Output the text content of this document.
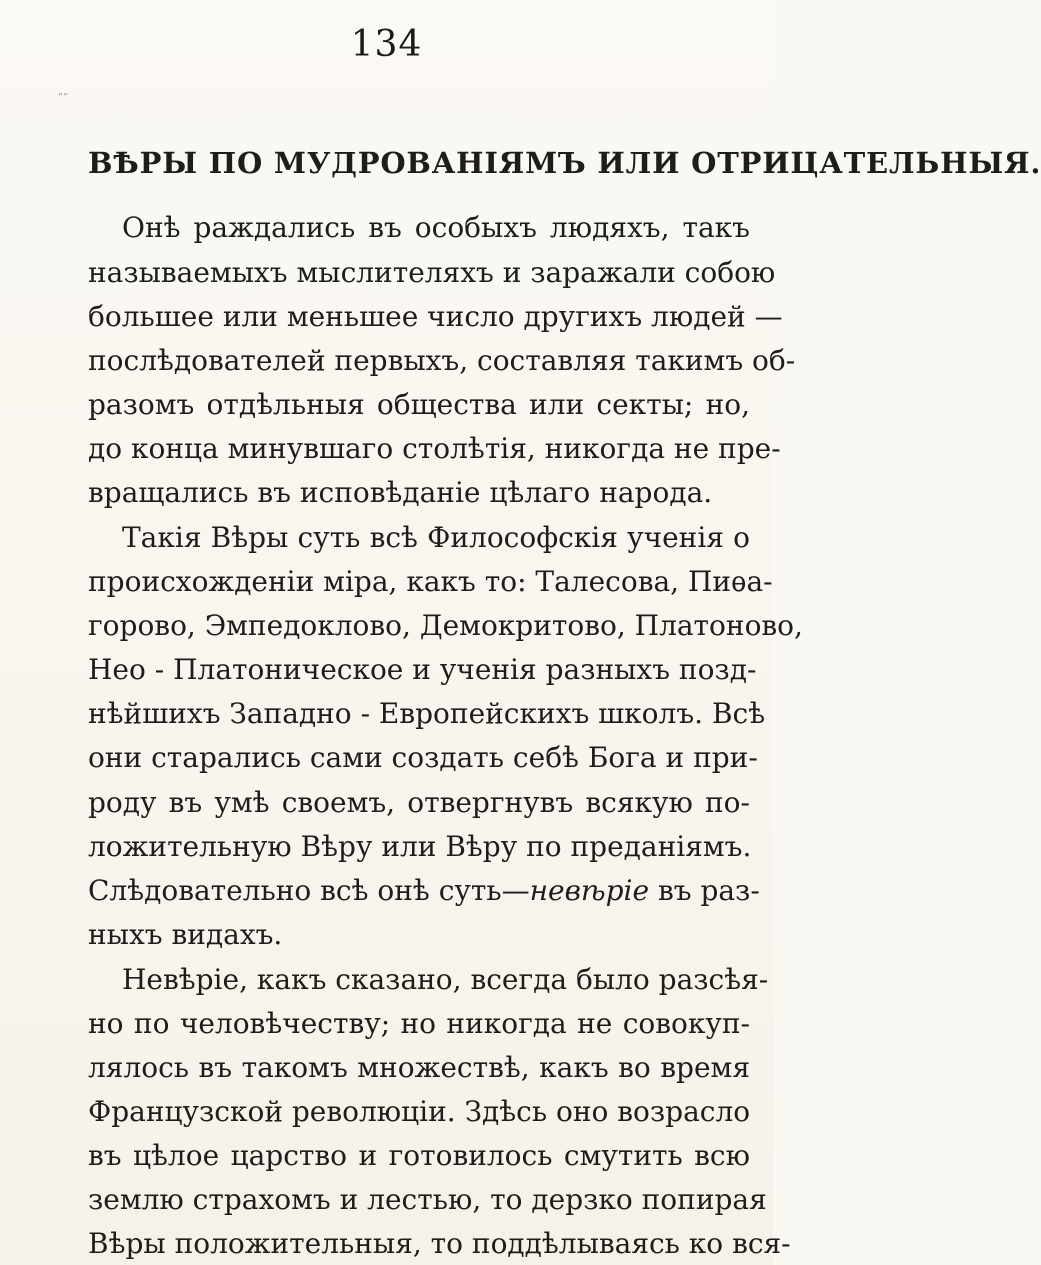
134
„„
ВѢРЫ ПО МУДРОВАНІЯМЪ ИЛИ ОТРИЦАТЕЛЬНЫЯ.
Онѣ раждались въ особыхъ людяхъ, такъ
называемыхъ мыслителяхъ и заражали собою
большее или меньшее число другихъ людей —
послѣдователей первыхъ, составляя такимъ об-
разомъ отдѣльныя общества или секты; но,
до конца минувшаго столѣтія, никогда не пре-
вращались въ исповѣданіе цѣлаго народа.
Такія Вѣры суть всѣ Философскія ученія о
происхожденіи міра, какъ то: Талесова, Пиѳа-
горово, Эмпедоклово, Демокритово, Платоново,
Нео - Платоническое и ученія разныхъ позд-
нѣйшихъ Западно - Европейскихъ школъ. Всѣ
они старались сами создать себѣ Бога и при-
роду въ умѣ своемъ, отвергнувъ всякую по-
ложительную Вѣру или Вѣру по преданіямъ.
Слѣдовательно всѣ онѣ суть—невѣріе въ раз-
ныхъ видахъ.
Невѣріе, какъ сказано, всегда было разсѣя-
но по человѣчеству; но никогда не совокуп-
лялось въ такомъ множествѣ, какъ во время
Французской революціи. Здѣсь оно возрасло
въ цѣлое царство и готовилось смутить всю
землю страхомъ и лестью, то дерзко попирая
Вѣры положительныя, то поддѣлываясь ко вся-
